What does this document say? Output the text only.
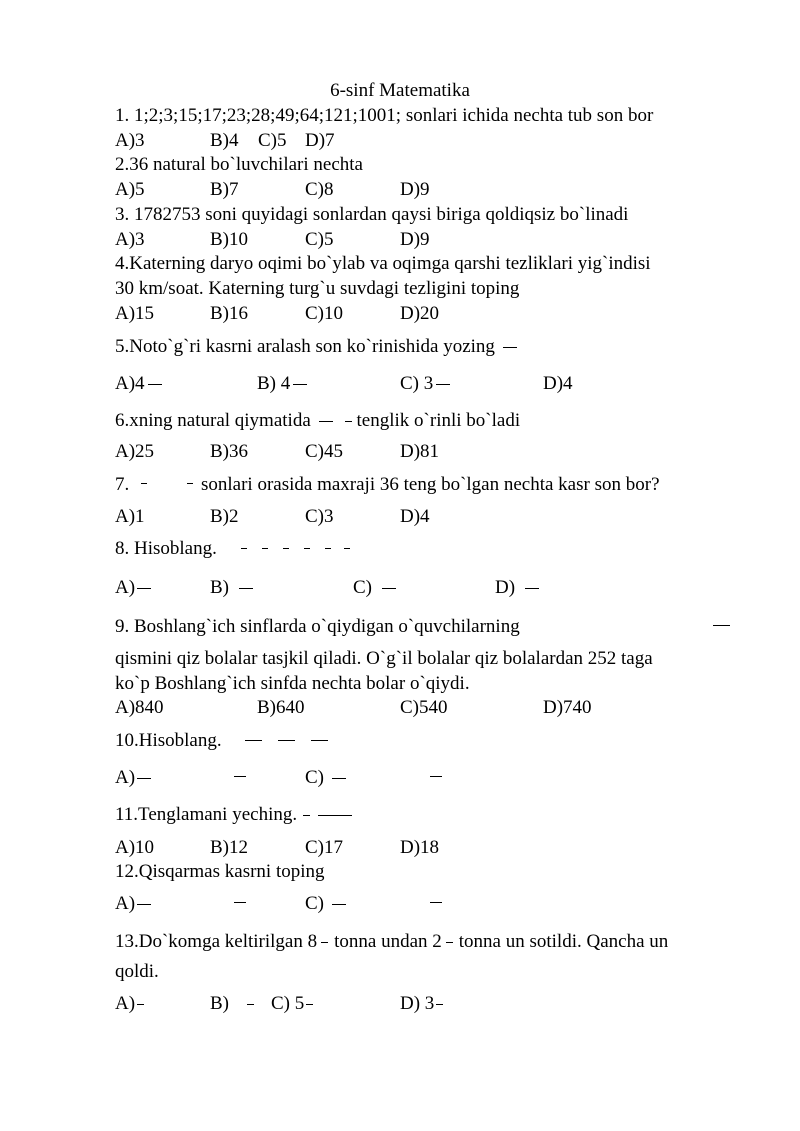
6-sinf Matematika
1. 1;2;3;15;17;23;28;49;64;121;1001; sonlari ichida nechta tub son bor
A)3	B)4 C)5 D)7
2.36 natural bo`luvchilari nechta
A)5	B)7	C)8	D)9
3. 1782753 soni quyidagi sonlardan qaysi biriga qoldiqsiz bo`linadi
A)3	B)10	C)5	D)9
4.Katerning daryo oqimi bo`ylab va oqimga qarshi tezliklari yig`indisi
30 km/soat. Katerning turg`u suvdagi tezligini toping
A)15	B)16	C)10	D)20
5.Noto`g`ri kasrni aralash son ko`rinishida yozing
A)4	B) 4	C) 3	D)4
6.xning natural qiymatida tenglik o`rinli bo`ladi
A)25	B)36	C)45	D)81
7.	sonlari orasida maxraji 36 teng bo`lgan nechta kasr son bor?
A)1	B)2	C)3	D)4
8. Hisoblang.
A)	B)	C)	D)
9. Boshlang`ich sinflarda o`qiydigan o`quvchilarning
qismini qiz bolalar tasjkil qiladi. O`g`il bolalar qiz bolalardan 252 taga
ko`p Boshlang`ich sinfda nechta bolar o`qiydi.
A)840	B)640	C)540	D)740
10.Hisoblang.
A)	C)
11.Tenglamani yeching.
A)10	B)12	C)17	D)18
12.Qisqarmas kasrni toping
A)	C)
13.Do`komga keltirilgan 8 tonna undan 2 tonna un sotildi. Qancha un
qoldi.
A)	B)	C) 5	D) 3
